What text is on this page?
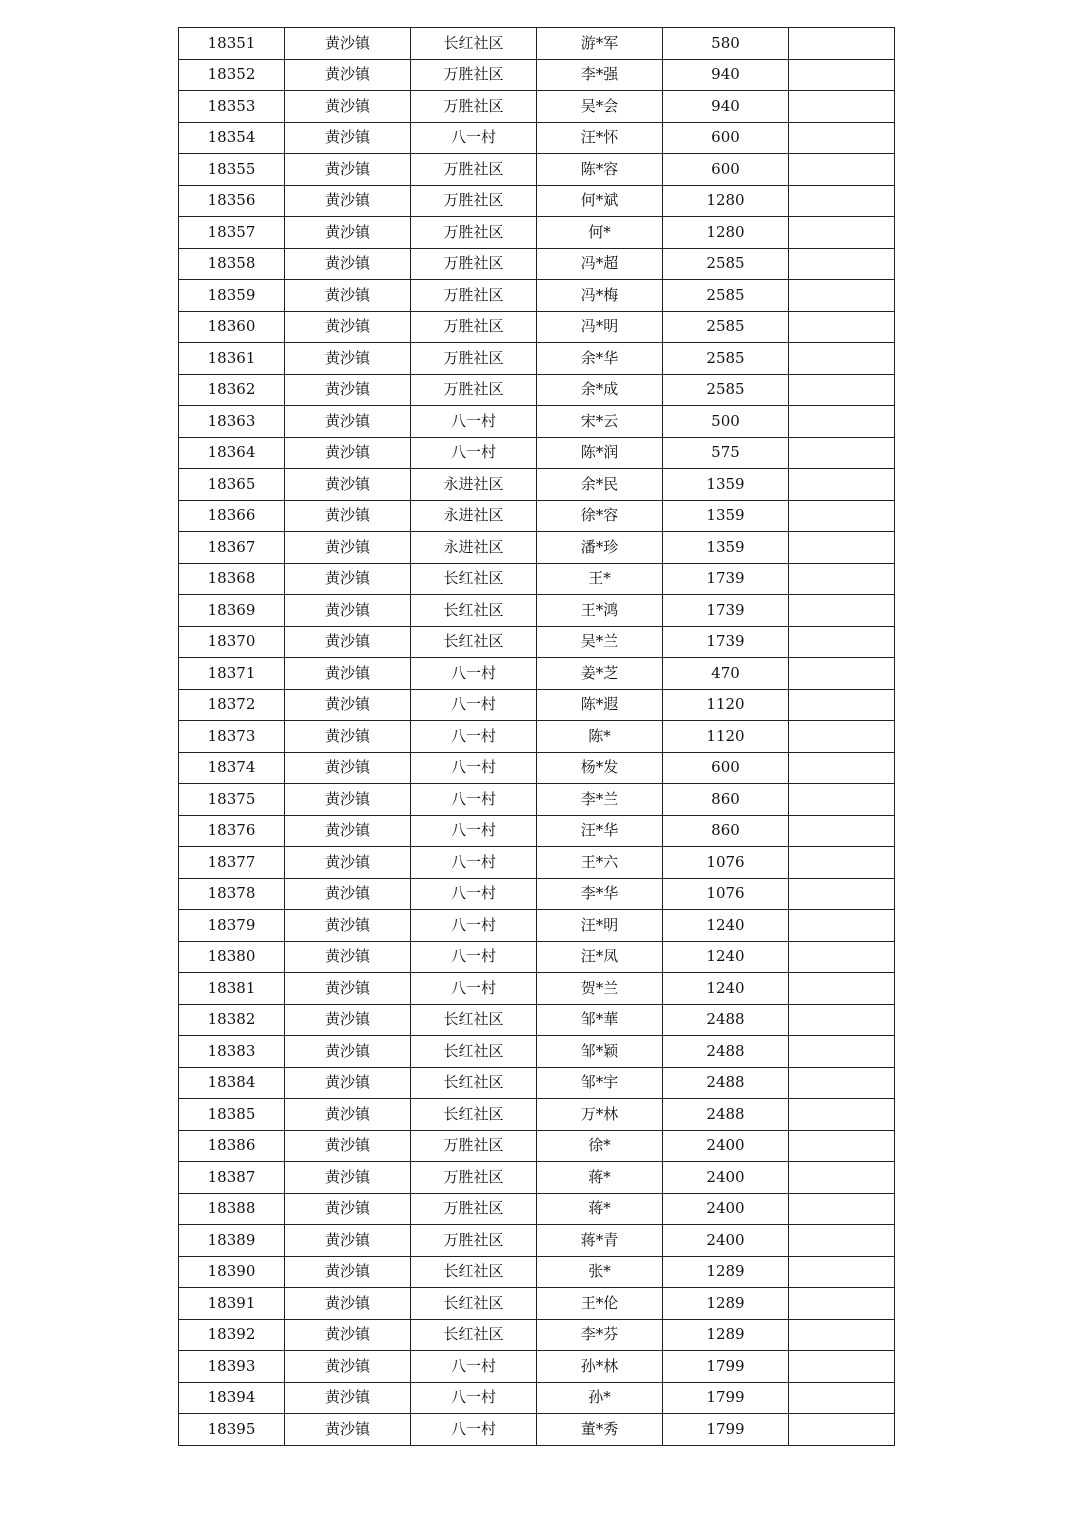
18351	黄沙镇	长红社区	游*军	580	
18352	黄沙镇	万胜社区	李*强	940	
18353	黄沙镇	万胜社区	吴*会	940	
18354	黄沙镇	八一村	汪*怀	600	
18355	黄沙镇	万胜社区	陈*容	600	
18356	黄沙镇	万胜社区	何*斌	1280	
18357	黄沙镇	万胜社区	何*	1280	
18358	黄沙镇	万胜社区	冯*超	2585	
18359	黄沙镇	万胜社区	冯*梅	2585	
18360	黄沙镇	万胜社区	冯*明	2585	
18361	黄沙镇	万胜社区	余*华	2585	
18362	黄沙镇	万胜社区	余*成	2585	
18363	黄沙镇	八一村	宋*云	500	
18364	黄沙镇	八一村	陈*润	575	
18365	黄沙镇	永进社区	余*民	1359	
18366	黄沙镇	永进社区	徐*容	1359	
18367	黄沙镇	永进社区	潘*珍	1359	
18368	黄沙镇	长红社区	王*	1739	
18369	黄沙镇	长红社区	王*鸿	1739	
18370	黄沙镇	长红社区	吴*兰	1739	
18371	黄沙镇	八一村	姜*芝	470	
18372	黄沙镇	八一村	陈*遐	1120	
18373	黄沙镇	八一村	陈*	1120	
18374	黄沙镇	八一村	杨*发	600	
18375	黄沙镇	八一村	李*兰	860	
18376	黄沙镇	八一村	汪*华	860	
18377	黄沙镇	八一村	王*六	1076	
18378	黄沙镇	八一村	李*华	1076	
18379	黄沙镇	八一村	汪*明	1240	
18380	黄沙镇	八一村	汪*凤	1240	
18381	黄沙镇	八一村	贺*兰	1240	
18382	黄沙镇	长红社区	邹*華	2488	
18383	黄沙镇	长红社区	邹*颖	2488	
18384	黄沙镇	长红社区	邹*宇	2488	
18385	黄沙镇	长红社区	万*林	2488	
18386	黄沙镇	万胜社区	徐*	2400	
18387	黄沙镇	万胜社区	蒋*	2400	
18388	黄沙镇	万胜社区	蒋*	2400	
18389	黄沙镇	万胜社区	蒋*青	2400	
18390	黄沙镇	长红社区	张*	1289	
18391	黄沙镇	长红社区	王*伦	1289	
18392	黄沙镇	长红社区	李*芬	1289	
18393	黄沙镇	八一村	孙*林	1799	
18394	黄沙镇	八一村	孙*	1799	
18395	黄沙镇	八一村	董*秀	1799	
